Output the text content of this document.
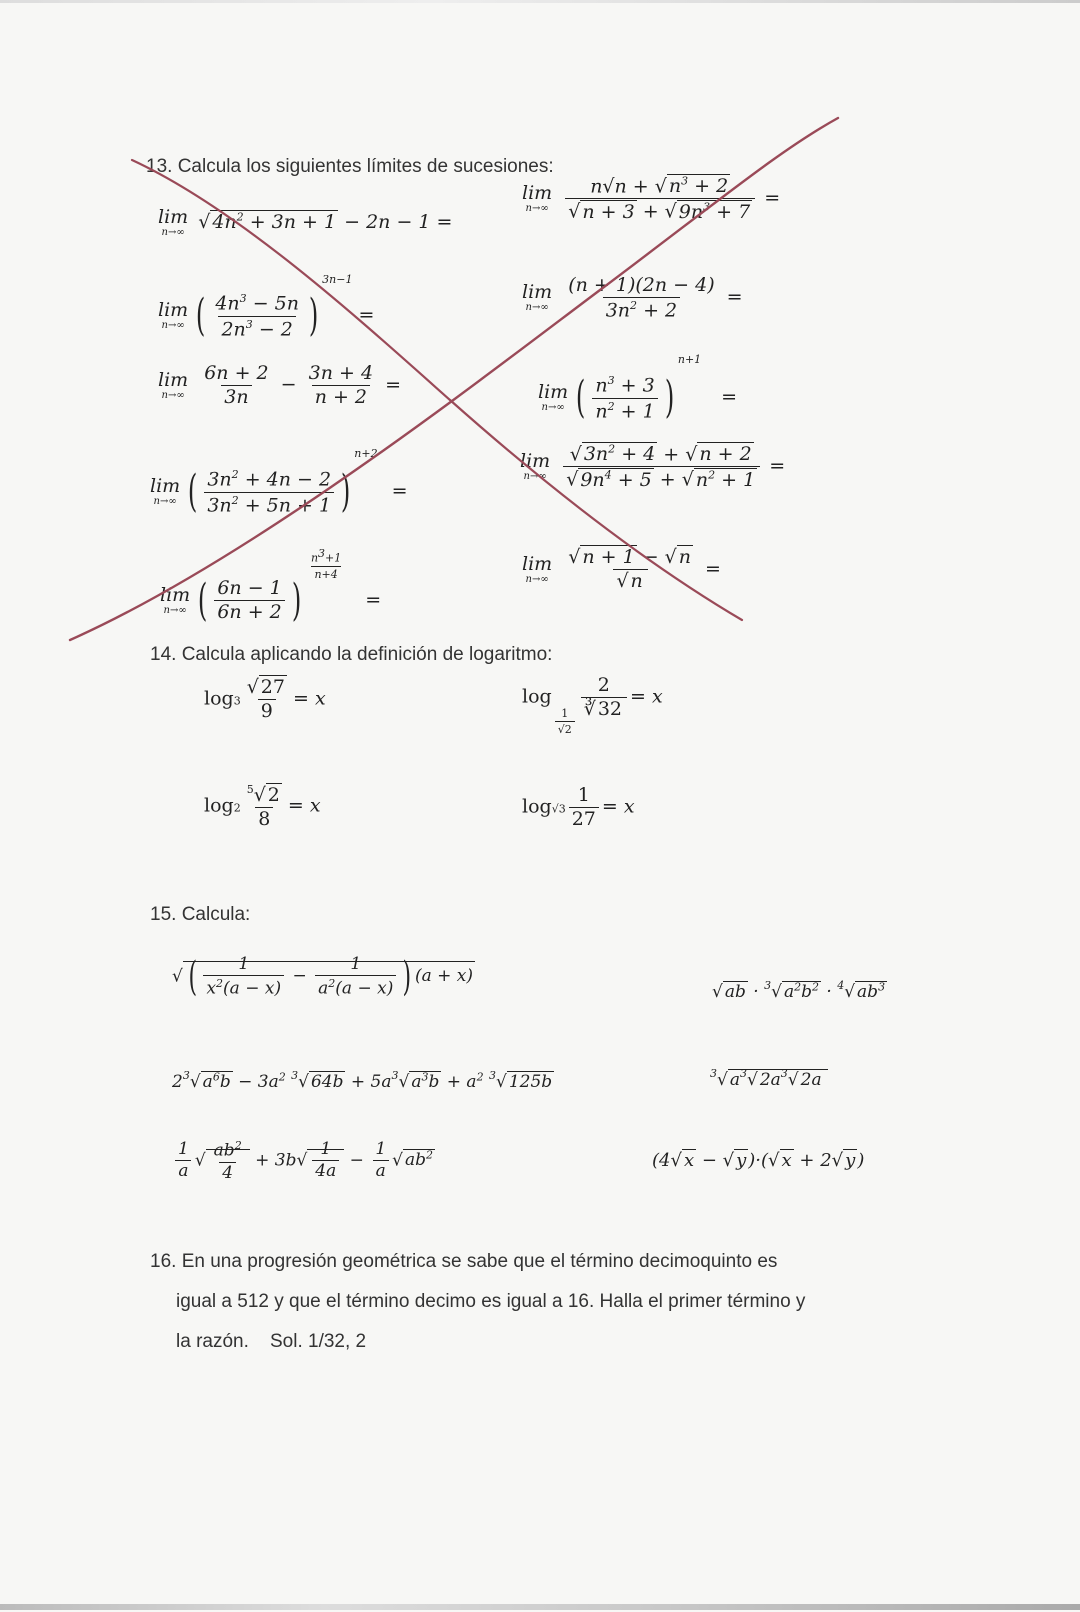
13. Calcula los siguientes límites de sucesiones:
lim
n→∞ √ $4n^2 + 3n + 1 - 2n - 1$ =
lim
n→∞
$\frac{n√n + √ n^3 + 2}{√ n + 3 + √ 9n^3 + 7}$ =
lim
n→∞ ( $\frac{4n^3 - 5n}{2n^3 - 2} )^{3n-1}=$
lim
n→∞
$\frac{(n + 1)(2n - 4)}{3n^2 + 2}$ =
lim
n→∞
$\frac{6n + 2}{3n} - \frac{3n + 4}{n + 2}$ =	lim
n→∞ ( $\frac{n^3 + 3}{n^2 + 1} )^{n+1}=$
lim
n→∞ ( $\frac{3n^2 + 4n - 2}{3n^2 + 5n + 1} )^{n+2}=$
lim
n→∞
$\frac{√ 3n^2 + 4 + √ n + 2}{√ 9n^4 + 5 + √ n^2 + 1}$ =
lim
n→∞ ( $\frac{6n - 1}{6n + 2}$ )
$\frac{n3+1}{n+4}$
=
lim
n→∞
$\frac{√ n + 1 - √ n}{√ n}$ =
14. Calcula aplicando la definición de logaritmo:
$\log 3 \frac{√ 27}{9} = x$	log
$\frac{1}{√2}$
$\frac{2}{∛ 32} = x$
$\log 2 \frac{^5√ 2}{8} = x$	$\log√3 \frac{1}{27} = x$
15. Calcula:
√ ( $\frac{1}{x^2(a - x)} - \frac{1}{a^2(a - x)}$ ) (a + x)
√ ab · $^3$√ $a^2b^2 \cdot ^4√$ $ab^3$
$2^3√$ $a^6b - 3a^2$ $^3$√ $64b + 5a^3√$ $a^3b + a^2$ $^3$√ 125b	$^3$√ $a^3√$ $2a^3√$ 2a
$\frac{1}{a}$ √ $\frac{ab^2}{4} + 3b√ \frac{1}{4a} - \frac{1}{a}$ √ $ab^2$	(4√ x − √ y )·(√ x + 2√ y )
16. En una progresión geométrica se sabe que el término decimoquinto es
igual a 512 y que el término decimo es igual a 16. Halla el primer término y
la razón.    Sol. 1/32, 2
